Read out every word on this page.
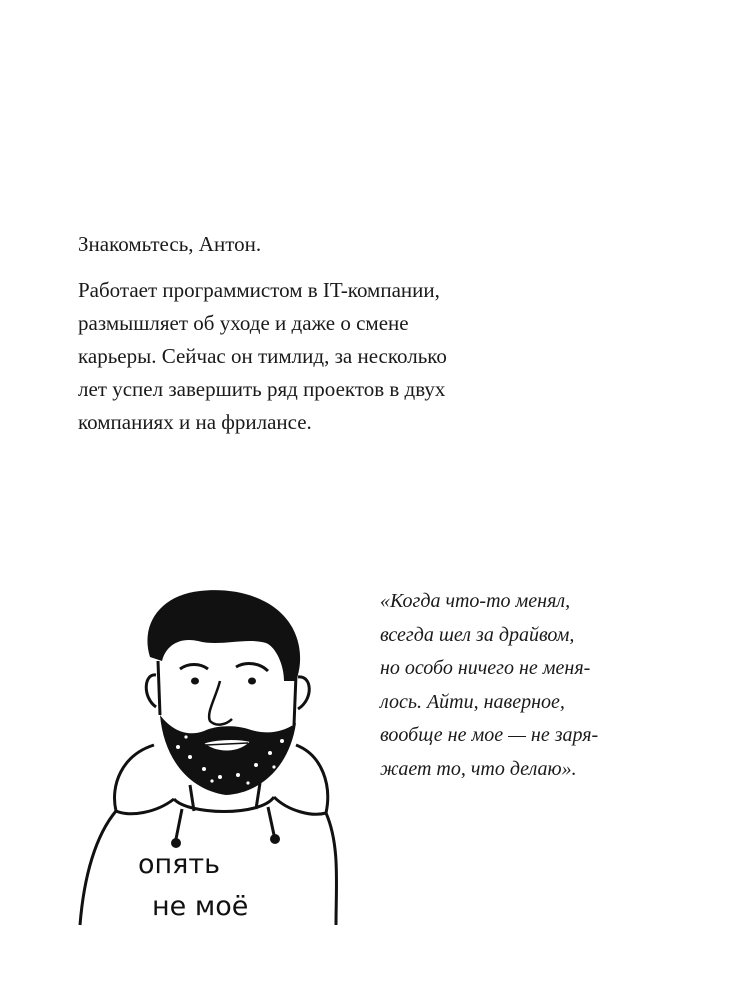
Знакомьтесь, Антон.
Работает программистом в IT-компании,
размышляет об уходе и даже о смене
карьеры. Сейчас он тимлид, за несколько
лет успел завершить ряд проектов в двух
компаниях и на фрилансе.
опять
не моё
«Когда что-то менял,
всегда шел за драйвом,
но особо ничего не меня-
лось. Айти, наверное,
вообще не мое — не заря-
жает то, что делаю».
